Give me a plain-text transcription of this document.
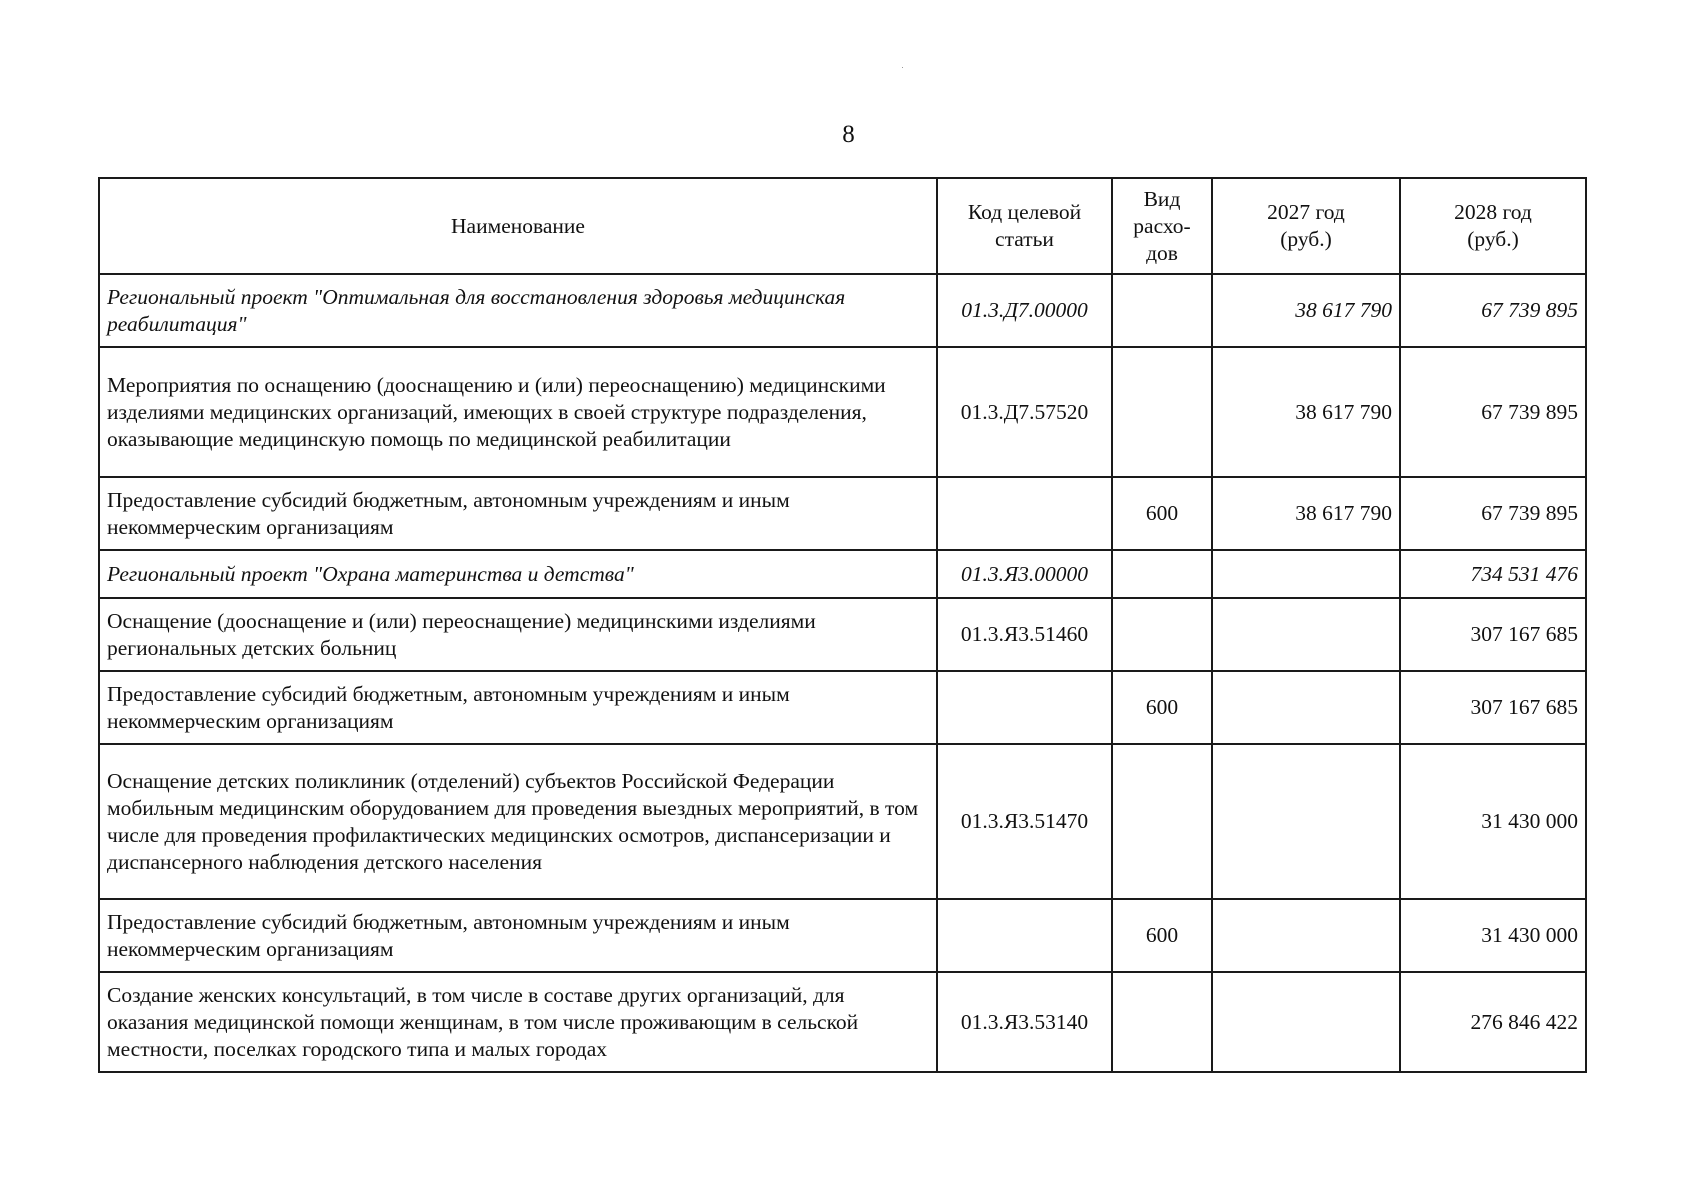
8
Наименование	Код целевой статьи	Вид расхо-дов	2027 год (руб.)	2028 год (руб.)

Региональный проект "Оптимальная для восстановления здоровья медицинская реабилитация"	01.3.Д7.00000		38 617 790	67 739 895
Мероприятия по оснащению (дооснащению и (или) переоснащению) медицинскими изделиями медицинских организаций, имеющих в своей структуре подразделения, оказывающие медицинскую помощь по медицинской реабилитации	01.3.Д7.57520		38 617 790	67 739 895
Предоставление субсидий бюджетным, автономным учреждениям и иным некоммерческим организациям		600	38 617 790	67 739 895
Региональный проект "Охрана материнства и детства"	01.3.Я3.00000			734 531 476
Оснащение (дооснащение и (или) переоснащение) медицинскими изделиями региональных детских больниц	01.3.Я3.51460			307 167 685
Предоставление субсидий бюджетным, автономным учреждениям и иным некоммерческим организациям		600		307 167 685
Оснащение детских поликлиник (отделений) субъектов Российской Федерации мобильным медицинским оборудованием для проведения выездных мероприятий, в том числе для проведения профилактических медицинских осмотров, диспансеризации и диспансерного наблюдения детского населения	01.3.Я3.51470			31 430 000
Предоставление субсидий бюджетным, автономным учреждениям и иным некоммерческим организациям		600		31 430 000
Создание женских консультаций, в том числе в составе других организаций, для оказания медицинской помощи женщинам, в том числе проживающим в сельской местности, поселках городского типа и малых городах	01.3.Я3.53140			276 846 422
